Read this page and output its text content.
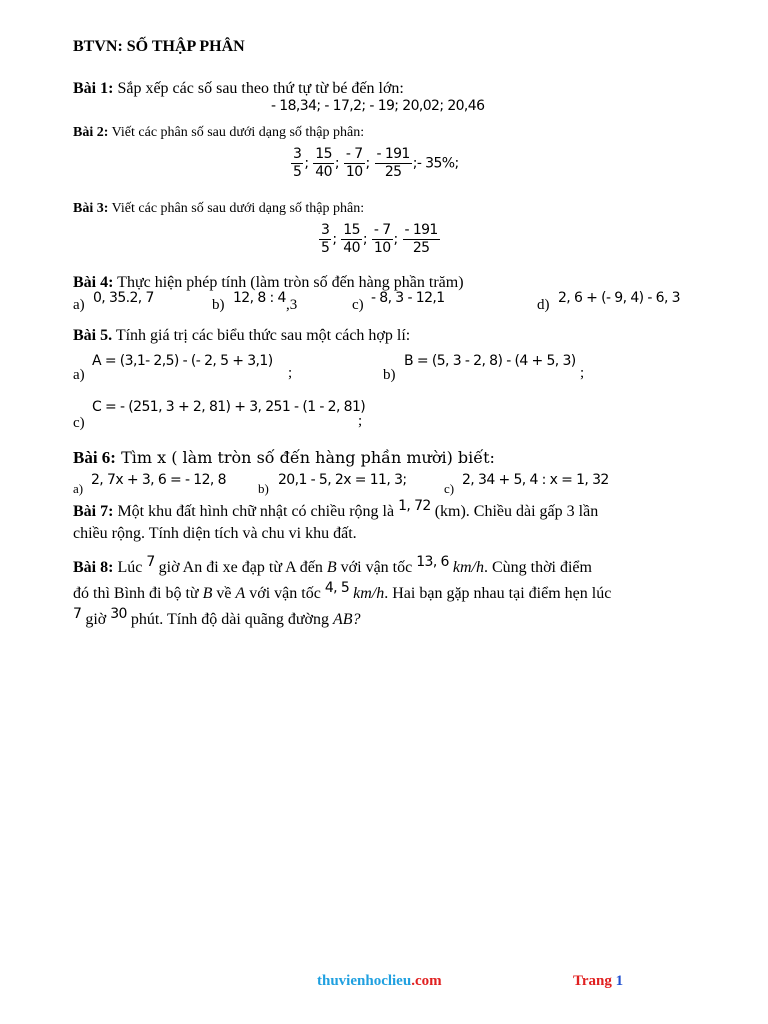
BTVN: SỐ THẬP PHÂN
Bài 1: Sắp xếp các số sau theo thứ tự từ bé đến lớn:
- 18,34; - 17,2; - 19; 20,02; 20,46
Bài 2: Viết các phân số sau dưới dạng số thập phân:
$\frac{3}{5}$ ; $\frac{15}{40}$ ; $\frac{- 7}{10}$ ; $\frac{- 191}{25}$ ;- 35%;
Bài 3: Viết các phân số sau dưới dạng số thập phân:
$\frac{3}{5}$ ; $\frac{15}{40}$ ; $\frac{- 7}{10}$ ; $\frac{- 191}{25}$
Bài 4: Thực hiện phép tính (làm tròn số đến hàng phần trăm)
a) 0, 35.2, 7	b) 12, 8 : 4 ,3	c) - 8, 3 - 12,1	d) 2, 6 + (- 9, 4) - 6, 3
Bài 5. Tính giá trị các biểu thức sau một cách hợp lí:
a)
A = (3,1- 2,5) - (- 2, 5 + 3,1)
;	b)
B = (5, 3 - 2, 8) - (4 + 5, 3)
;
c)
C = - (251, 3 + 2, 81) + 3, 251 - (1 - 2, 81)
;
Bài 6: Tìm x ( làm tròn số đến hàng phần mười) biết:
a)
2, 7x + 3, 6 = - 12, 8
b)
20,1 - 5, 2x = 11, 3;
c)
2, 34 + 5, 4 : x = 1, 32
Bài 7: Một khu đất hình chữ nhật có chiều rộng là 1, 72 (km). Chiều dài gấp 3 lần
chiều rộng. Tính diện tích và chu vi khu đất.
Bài 8: Lúc 7 giờ An đi xe đạp từ A đến B với vận tốc 13, 6 km/h. Cùng thời điểm
đó thì Bình đi bộ từ B về A với vận tốc 4, 5 km/h. Hai bạn gặp nhau tại điểm hẹn lúc
7 giờ 30 phút. Tính độ dài quãng đường AB?
thuvienhoclieu.com	Trang 1
